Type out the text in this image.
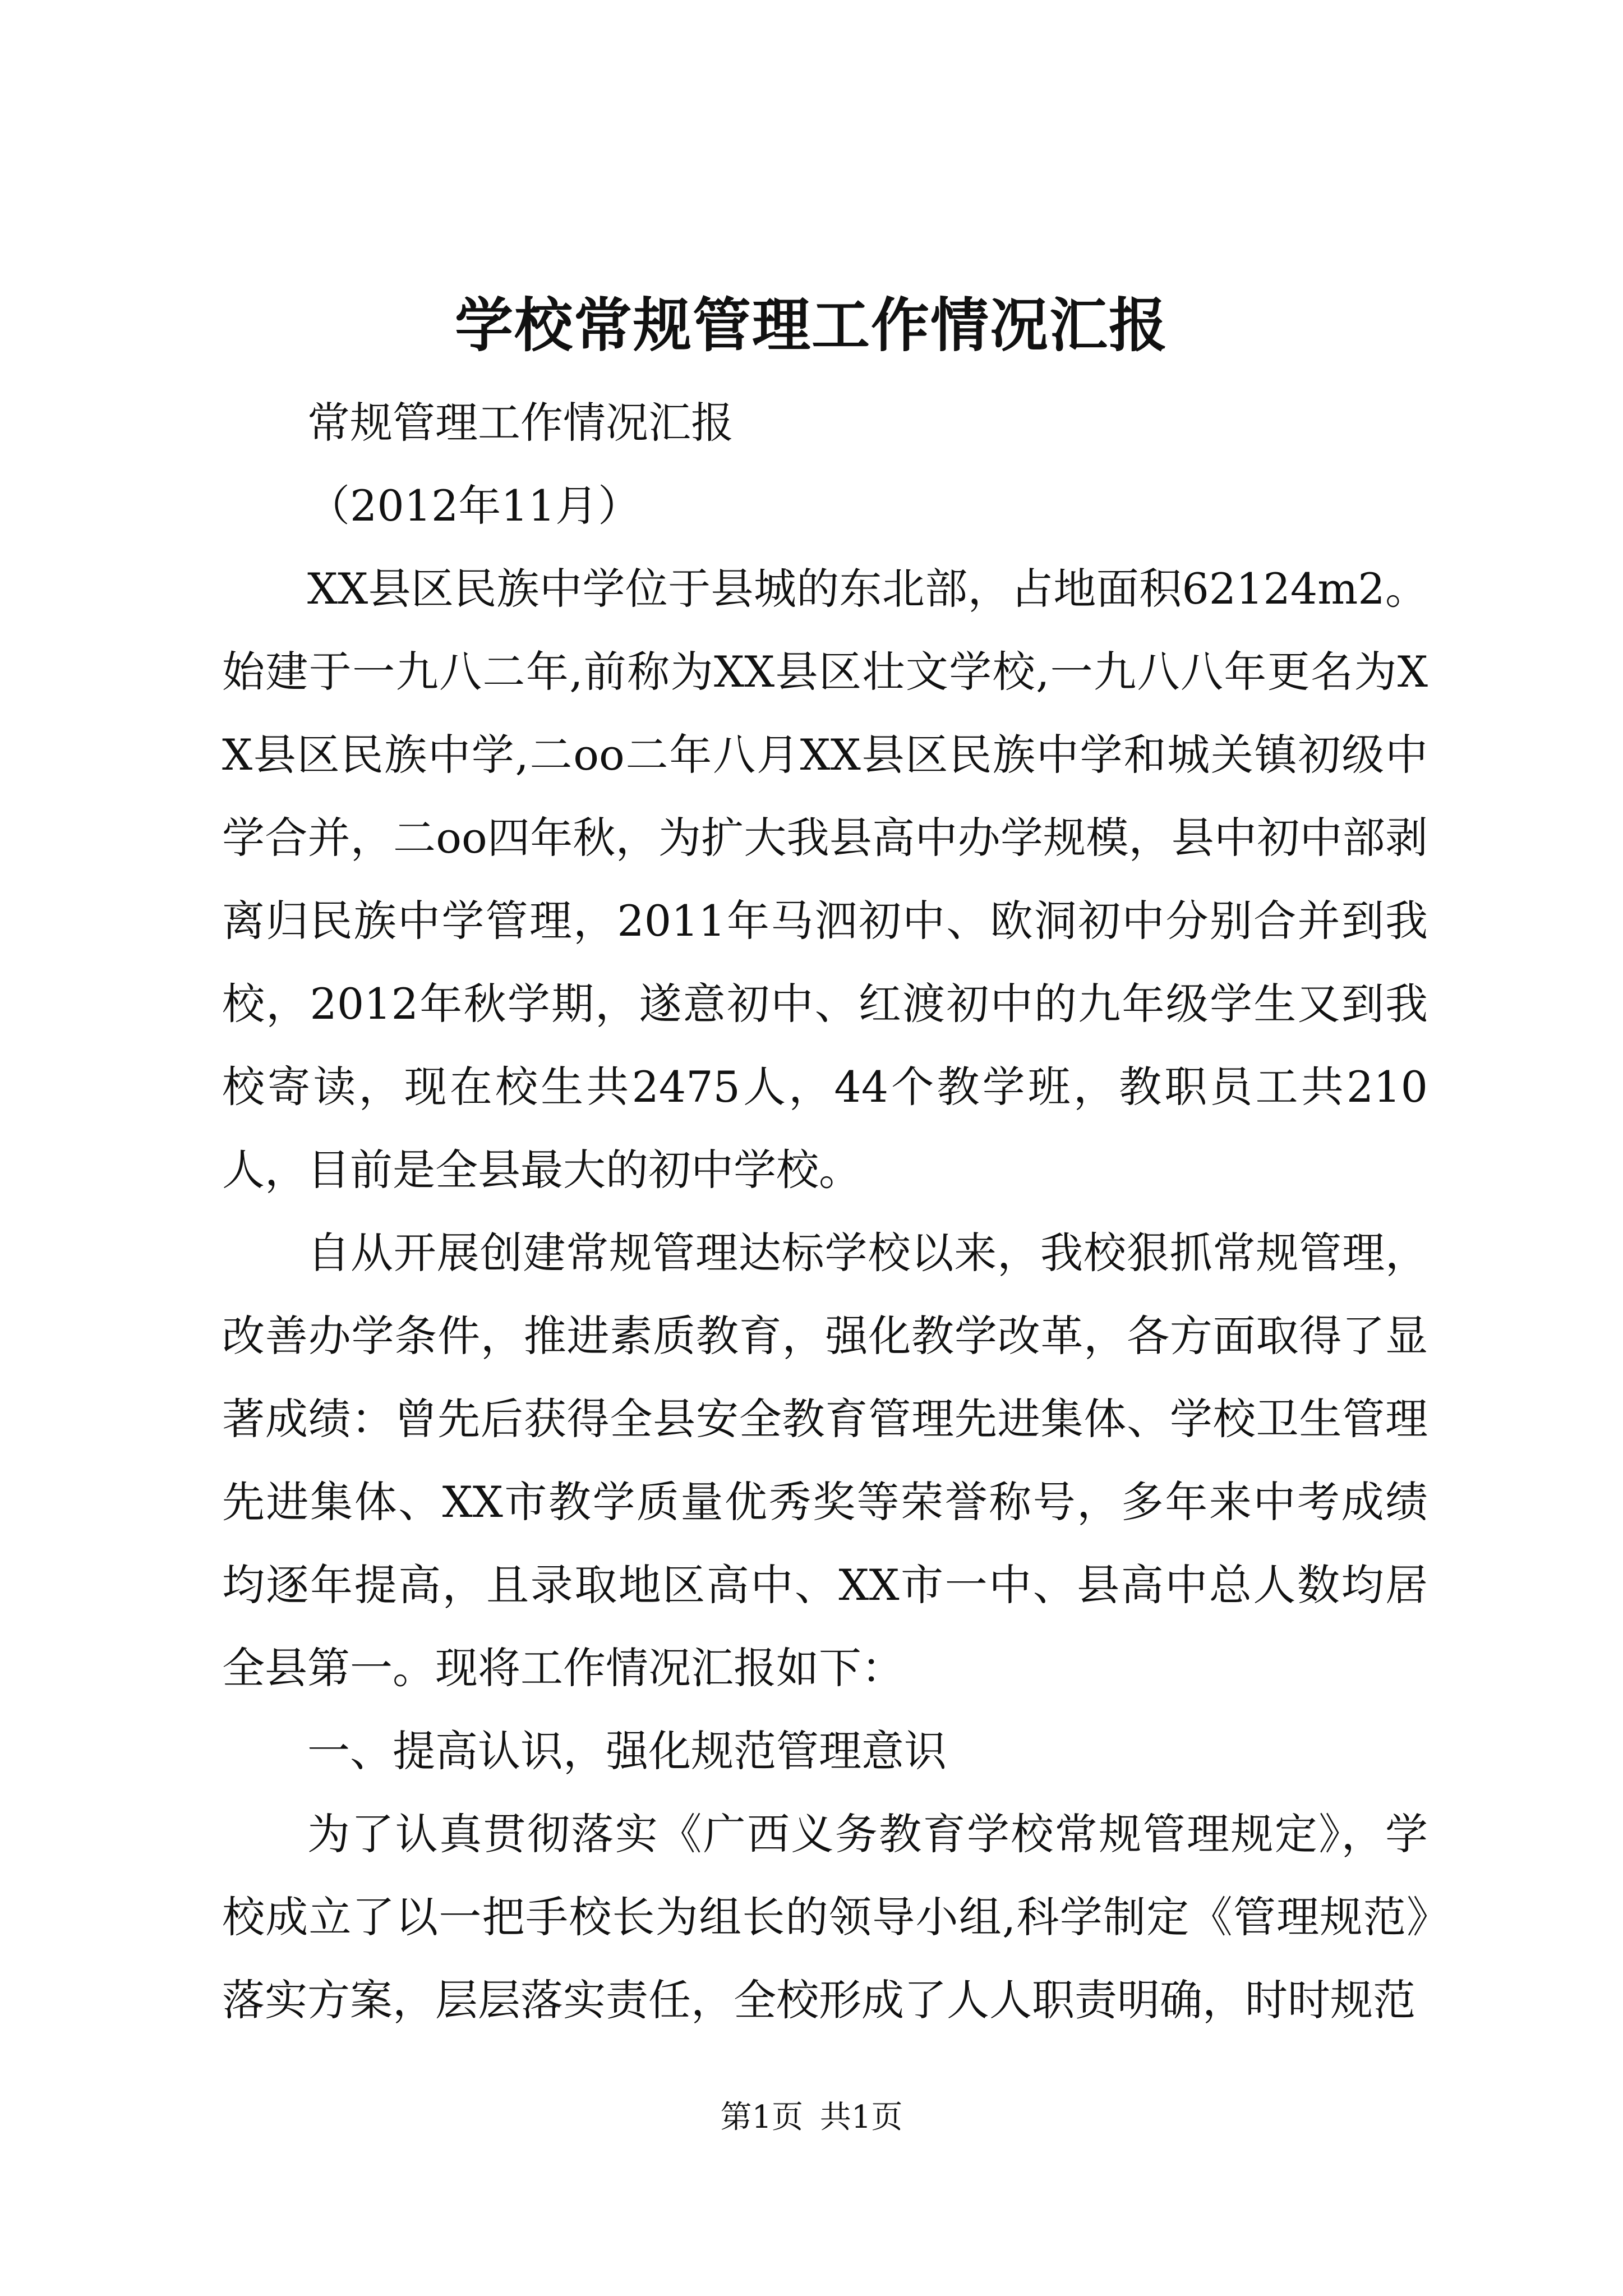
学校常规管理工作情况汇报

常规管理工作情况汇报

（2012年11月）

XX县区民族中学位于县城的东北部，占地面积62124m2。始建于一九八二年,前称为XX县区壮文学校,一九八八年更名为XX县区民族中学,二oo二年八月XX县区民族中学和城关镇初级中学合并，二oo四年秋，为扩大我县高中办学规模，县中初中部剥离归民族中学管理，2011年马泗初中、欧洞初中分别合并到我校，2012年秋学期，遂意初中、红渡初中的九年级学生又到我校寄读，现在校生共2475人，44个教学班，教职员工共210人，目前是全县最大的初中学校。

自从开展创建常规管理达标学校以来，我校狠抓常规管理，改善办学条件，推进素质教育，强化教学改革，各方面取得了显著成绩：曾先后获得全县安全教育管理先进集体、学校卫生管理先进集体、XX市教学质量优秀奖等荣誉称号，多年来中考成绩均逐年提高，且录取地区高中、XX市一中、县高中总人数均居全县第一。现将工作情况汇报如下：

一、提高认识，强化规范管理意识

为了认真贯彻落实《广西义务教育学校常规管理规定》，学校成立了以一把手校长为组长的领导小组,科学制定《管理规范》落实方案，层层落实责任，全校形成了人人职责明确，时时规范

第1页 共1页
